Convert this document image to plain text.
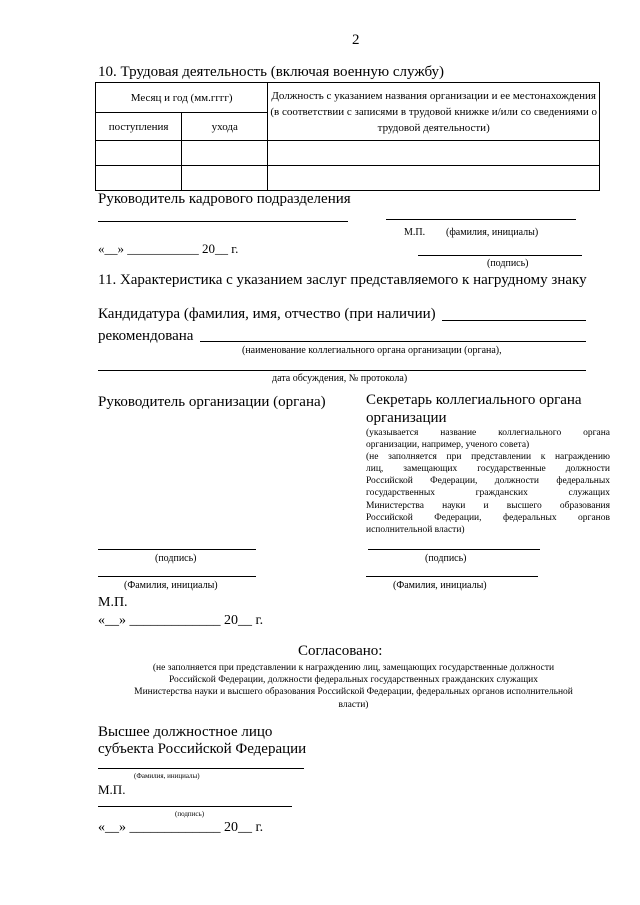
2
10. Трудовая деятельность (включая военную службу)
Месяц и год (мм.гггг)		Должность с указанием названия организации и ее местонахождения (в соответствии с записями в трудовой книжке и/или со сведениями о трудовой деятельности)
поступления	ухода	

Руководитель кадрового подразделения
М.П. (фамилия, инициалы)
«__» ___________ 20__ г.
(подпись)
11. Характеристика с указанием заслуг представляемого к нагрудному знаку
Кандидатура (фамилия, имя, отчество (при наличии)
рекомендована
(наименование коллегиального органа организации (органа),
дата обсуждения, № протокола)
Руководитель организации (органа)
(подпись)
(Фамилия, инициалы)
М.П.
«__» _____________ 20__ г.
Секретарь коллегиального органа
организации
(указывается название коллегиального органа
организации, например, ученого совета)
(не заполняется при представлении к награждению
лиц, замещающих государственные должности
Российской Федерации, должности федеральных
государственных гражданских служащих
Министерства науки и высшего образования
Российской Федерации, федеральных органов
исполнительной власти)
(подпись)
(Фамилия, инициалы)
Согласовано:
(не заполняется при представлении к награждению лиц, замещающих государственные должности
Российской Федерации, должности федеральных государственных гражданских служащих
Министерства науки и высшего образования Российской Федерации, федеральных органов исполнительной
власти)
Высшее должностное лицо
субъекта Российской Федерации
(Фамилия, инициалы)
М.П.
(подпись)
«__» _____________ 20__ г.
